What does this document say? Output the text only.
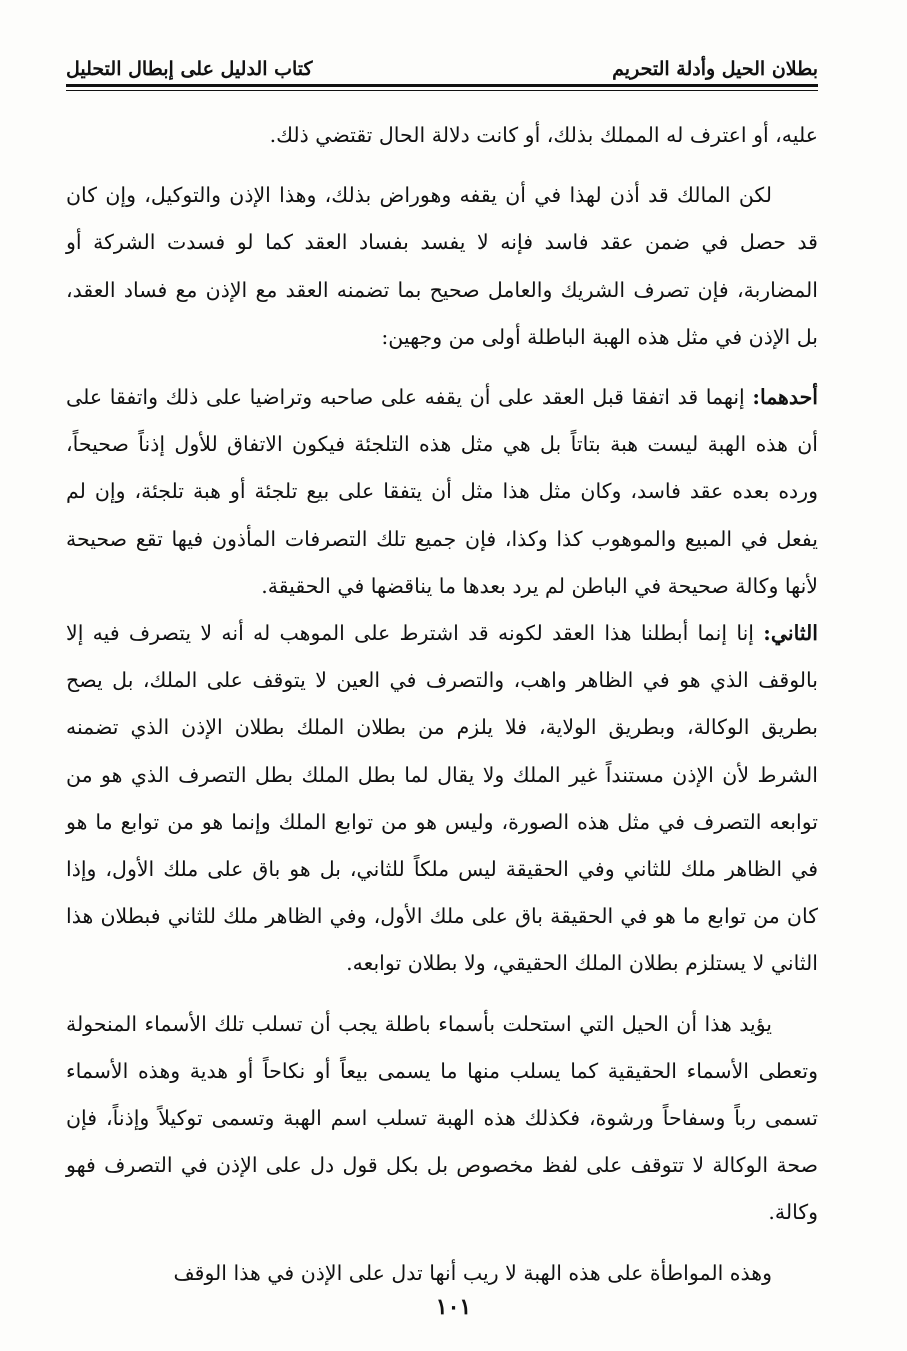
بطلان الحيل وأدلة التحريم
كتاب الدليل على إبطال التحليل

عليه، أو اعترف له المملك بذلك، أو كانت دلالة الحال تقتضي ذلك.

لكن المالك قد أذن لهذا في أن يقفه وهوراض بذلك، وهذا الإذن والتوكيل، وإن كان قد حصل في ضمن عقد فاسد فإنه لا يفسد بفساد العقد كما لو فسدت الشركة أو المضاربة، فإن تصرف الشريك والعامل صحيح بما تضمنه العقد مع الإذن مع فساد العقد، بل الإذن في مثل هذه الهبة الباطلة أولى من وجهين:

أحدهما: إنهما قد اتفقا قبل العقد على أن يقفه على صاحبه وتراضيا على ذلك واتفقا على أن هذه الهبة ليست هبة بتاتاً بل هي مثل هذه التلجئة فيكون الاتفاق للأول إذناً صحيحاً، ورده بعده عقد فاسد، وكان مثل هذا مثل أن يتفقا على بيع تلجئة أو هبة تلجئة، وإن لم يفعل في المبيع والموهوب كذا وكذا، فإن جميع تلك التصرفات المأذون فيها تقع صحيحة لأنها وكالة صحيحة في الباطن لم يرد بعدها ما يناقضها في الحقيقة.

الثاني: إنا إنما أبطلنا هذا العقد لكونه قد اشترط على الموهب له أنه لا يتصرف فيه إلا بالوقف الذي هو في الظاهر واهب، والتصرف في العين لا يتوقف على الملك، بل يصح بطريق الوكالة، وبطريق الولاية، فلا يلزم من بطلان الملك بطلان الإذن الذي تضمنه الشرط لأن الإذن مستنداً غير الملك ولا يقال لما بطل الملك بطل التصرف الذي هو من توابعه التصرف في مثل هذه الصورة، وليس هو من توابع الملك وإنما هو من توابع ما هو في الظاهر ملك للثاني وفي الحقيقة ليس ملكاً للثاني، بل هو باق على ملك الأول، وإذا كان من توابع ما هو في الحقيقة باق على ملك الأول، وفي الظاهر ملك للثاني فبطلان هذا الثاني لا يستلزم بطلان الملك الحقيقي، ولا بطلان توابعه.

يؤيد هذا أن الحيل التي استحلت بأسماء باطلة يجب أن تسلب تلك الأسماء المنحولة وتعطى الأسماء الحقيقية كما يسلب منها ما يسمى بيعاً أو نكاحاً أو هدية وهذه الأسماء تسمى رباً وسفاحاً ورشوة، فكذلك هذه الهبة تسلب اسم الهبة وتسمى توكيلاً وإذناً، فإن صحة الوكالة لا تتوقف على لفظ مخصوص بل بكل قول دل على الإذن في التصرف فهو وكالة.

وهذه المواطأة على هذه الهبة لا ريب أنها تدل على الإذن في هذا الوقف

١٠١
